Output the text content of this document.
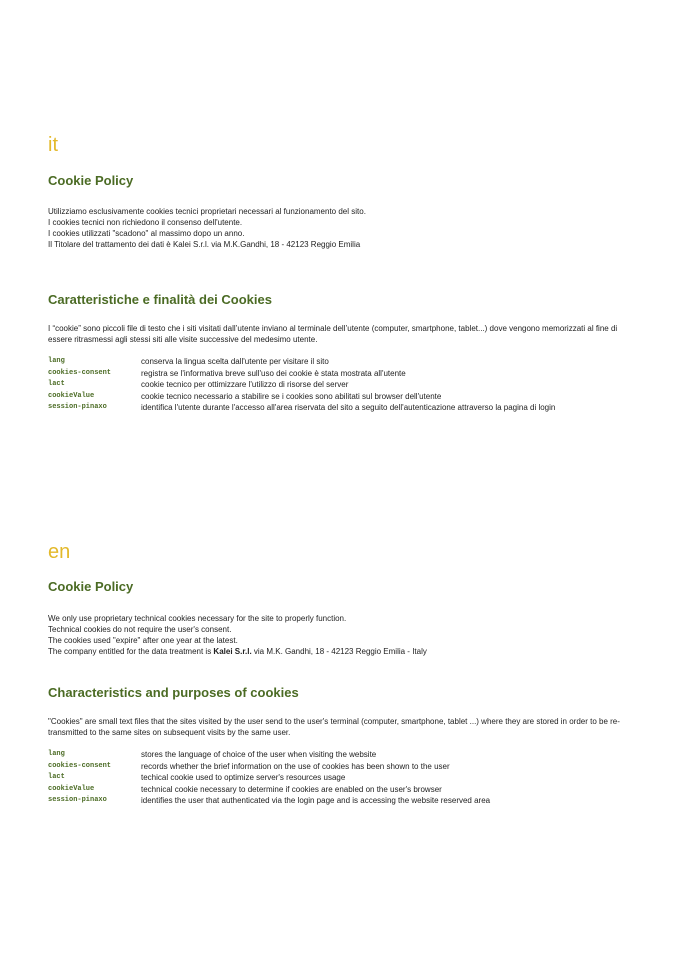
it
Cookie Policy
Utilizziamo esclusivamente cookies tecnici proprietari necessari al funzionamento del sito.
I cookies tecnici non richiedono il consenso dell'utente.
I cookies utilizzati "scadono" al massimo dopo un anno.
Il Titolare del trattamento dei dati è Kalei S.r.l. via M.K.Gandhi, 18 - 42123 Reggio Emilia
Caratteristiche e finalità dei Cookies

I “cookie” sono piccoli file di testo che i siti visitati dall’utente inviano al terminale dell’utente (computer, smartphone, tablet...) dove vengono memorizzati al fine di essere ritrasmessi agli stessi siti alle visite successive del medesimo utente.

lang	conserva la lingua scelta dall'utente per visitare il sito
cookies-consent	registra se l'informativa breve sull'uso dei cookie è stata mostrata all'utente
lact	cookie tecnico per ottimizzare l'utilizzo di risorse del server
cookieValue	cookie tecnico necessario a stabilire se i cookies sono abilitati sul browser dell'utente
session-pinaxo	identifica l'utente durante l'accesso all'area riservata del sito a seguito dell'autenticazione attraverso la pagina di login
en
Cookie Policy
We only use proprietary technical cookies necessary for the site to properly function.
Technical cookies do not require the user's consent.
The cookies used "expire" after one year at the latest.
The company entitled for the data treatment is Kalei S.r.l. via M.K. Gandhi, 18 - 42123 Reggio Emilia - Italy
Characteristics and purposes of cookies

"Cookies" are small text files that the sites visited by the user send to the user's terminal (computer, smartphone, tablet ...) where they are stored in order to be re-transmitted to the same sites on subsequent visits by the same user.

lang	stores the language of choice of the user when visiting the website
cookies-consent	records whether the brief information on the use of cookies has been shown to the user
lact	techical cookie used to optimize server's resources usage
cookieValue	technical cookie necessary to determine if cookies are enabled on the user's browser
session-pinaxo	identifies the user that authenticated via the login page and is accessing the website reserved area
